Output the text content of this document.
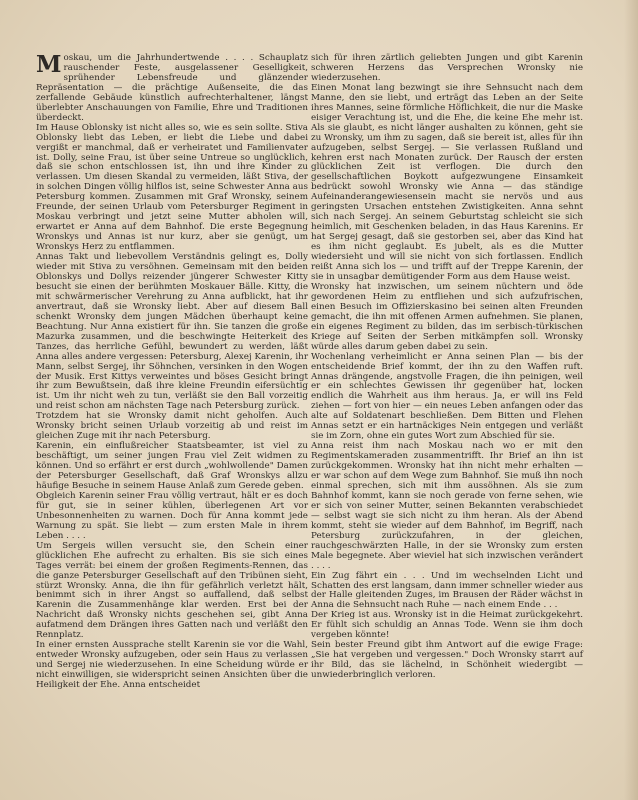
Moskau, um die Jahrhundertwende . . . . Schauplatz rauschender Feste, ausgelassener Geselligkeit, sprühender Lebensfreude und glänzender Repräsentation — die prächtige Außenseite, die das zerfallende Gebäude künstlich aufrechterhaltener, längst überlebter Anschauungen von Familie, Ehre und Traditionen überdeckt.

Im Hause Oblonsky ist nicht alles so, wie es sein sollte. Stiva Oblonsky liebt das Leben, er liebt die Liebe und dabei vergißt er manchmal, daß er verheiratet und Familienvater ist. Dolly, seine Frau, ist über seine Untreue so unglücklich, daß sie schon entschlossen ist, ihn und ihre Kinder zu verlassen. Um diesen Skandal zu vermeiden, läßt Stiva, der in solchen Dingen völlig hilflos ist, seine Schwester Anna aus Petersburg kommen. Zusammen mit Graf Wronsky, seinem Freunde, der seinen Urlaub vom Petersburger Regiment in Moskau verbringt und jetzt seine Mutter abholen will, erwartet er Anna auf dem Bahnhof. Die erste Begegnung Wronskys und Annas ist nur kurz, aber sie genügt, um Wronskys Herz zu entflammen.

Annas Takt und liebevollem Verständnis gelingt es, Dolly wieder mit Stiva zu versöhnen. Gemeinsam mit den beiden Oblonskys und Dollys reizender jüngerer Schwester Kitty besucht sie einen der berühmten Moskauer Bälle. Kitty, die mit schwärmerischer Verehrung zu Anna aufblickt, hat ihr anvertraut, daß sie Wronsky liebt. Aber auf diesem Ball schenkt Wronsky dem jungen Mädchen überhaupt keine Beachtung. Nur Anna existiert für ihn. Sie tanzen die große Mazurka zusammen, und die beschwingte Heiterkeit des Tanzes, das herrliche Gefühl, bewundert zu werden, läßt Anna alles andere vergessen: Petersburg, Alexej Karenin, ihr Mann, selbst Sergej, ihr Söhnchen, versinken in den Wogen der Musik. Erst Kittys verweintes und böses Gesicht bringt ihr zum Bewußtsein, daß ihre kleine Freundin eifersüchtig ist. Um ihr nicht weh zu tun, verläßt sie den Ball vorzeitig und reist schon am nächsten Tage nach Petersburg zurück.

Trotzdem hat sie Wronsky damit nicht geholfen. Auch Wronsky bricht seinen Urlaub vorzeitig ab und reist im gleichen Zuge mit ihr nach Petersburg.

Karenin, ein einflußreicher Staatsbeamter, ist viel zu beschäftigt, um seiner jungen Frau viel Zeit widmen zu können. Und so erfährt er erst durch „wohlwollende" Damen der Petersburger Gesellschaft, daß Graf Wronskys allzu häufige Besuche in seinem Hause Anlaß zum Gerede geben.

Obgleich Karenin seiner Frau völlig vertraut, hält er es doch für gut, sie in seiner kühlen, überlegenen Art vor Unbesonnenheiten zu warnen. Doch für Anna kommt jede Warnung zu spät. Sie liebt — zum ersten Male in ihrem Leben . . . .

Um Sergeis willen versucht sie, den Schein einer glücklichen Ehe aufrecht zu erhalten. Bis sie sich eines Tages verrät: bei einem der großen Regiments-Rennen, das die ganze Petersburger Gesellschaft auf den Tribünen sieht, stürzt Wronsky. Anna, die ihn für gefährlich verletzt hält, benimmt sich in ihrer Angst so auffallend, daß selbst Karenin die Zusammenhänge klar werden. Erst bei der Nachricht daß Wronsky nichts geschehen sei, gibt Anna aufatmend dem Drängen ihres Gatten nach und verläßt den Rennplatz.

In einer ernsten Aussprache stellt Karenin sie vor die Wahl, entweder Wronsky aufzugeben, oder sein Haus zu verlassen und Sergej nie wiederzusehen. In eine Scheidung würde er nicht einwilligen, sie widerspricht seinen Ansichten über die Heiligkeit der Ehe. Anna entscheidet

sich für ihren zärtlich geliebten Jungen und gibt Karenin schweren Herzens das Versprechen Wronsky nie wiederzusehen.

Einen Monat lang bezwingt sie ihre Sehnsucht nach dem Manne, den sie liebt, und erträgt das Leben an der Seite ihres Mannes, seine förmliche Höflichkeit, die nur die Maske eisiger Verachtung ist, und die Ehe, die keine Ehe mehr ist. Als sie glaubt, es nicht länger aushalten zu können, geht sie zu Wronsky, um ihm zu sagen, daß sie bereit ist, alles für ihn aufzugeben, selbst Sergej. — Sie verlassen Rußland und kehren erst nach Monaten zurück. Der Rausch der ersten glücklichen Zeit ist verflogen. Die durch den gesellschaftlichen Boykott aufgezwungene Einsamkeit bedrückt sowohl Wronsky wie Anna — das ständige Aufeinanderangewiesensein macht sie nervös und aus geringsten Ursachen entstehen Zwistigkeiten. Anna sehnt sich nach Sergej. An seinem Geburtstag schleicht sie sich heimlich, mit Geschenken beladen, in das Haus Karenins. Er hat Sergej gesagt, daß sie gestorben sei, aber das Kind hat es ihm nicht geglaubt. Es jubelt, als es die Mutter wiedersieht und will sie nicht von sich fortlassen. Endlich reißt Anna sich los — und trifft auf der Treppe Karenin, der sie in unsagbar demütigender Form aus dem Hause weist.

Wronsky hat inzwischen, um seinem nüchtern und öde gewordenen Heim zu entfliehen und sich aufzufrischen, einen Besuch im Offizierskasino bei seinen alten Freunden gemacht, die ihn mit offenen Armen aufnehmen. Sie planen, ein eigenes Regiment zu bilden, das im serbisch-türkischen Kriege auf Seiten der Serben mitkämpfen soll. Wronsky würde alles darum geben dabei zu sein.

Wochenlang verheimlicht er Anna seinen Plan — bis der entscheidende Brief kommt, der ihn zu den Waffen ruft. Annas drängende, angstvolle Fragen, die ihn peinigen, weil er ein schlechtes Gewissen ihr gegenüber hat, locken endlich die Wahrheit aus ihm heraus. Ja, er will ins Feld ziehen — fort von hier — ein neues Leben anfangen oder das alte auf Soldatenart beschließen. Dem Bitten und Flehen Annas setzt er ein hartnäckiges Nein entgegen und verläßt sie im Zorn, ohne ein gutes Wort zum Abschied für sie.

Anna reist ihm nach Moskau nach wo er mit den Regimentskameraden zusammentrifft. Ihr Brief an ihn ist zurückgekommen. Wronsky hat ihn nicht mehr erhalten — er war schon auf dem Wege zum Bahnhof. Sie muß ihn noch einmal sprechen, sich mit ihm aussöhnen. Als sie zum Bahnhof kommt, kann sie noch gerade von ferne sehen, wie er sich von seiner Mutter, seinen Bekannten verabschiedet — selbst wagt sie sich nicht zu ihm heran. Als der Abend kommt, steht sie wieder auf dem Bahnhof, im Begriff, nach Petersburg zurückzufahren, in der gleichen, rauchgeschwärzten Halle, in der sie Wronsky zum ersten Male begegnete. Aber wieviel hat sich inzwischen verändert . . . .

Ein Zug fährt ein . . . Und im wechselnden Licht und Schatten des erst langsam, dann immer schneller wieder aus der Halle gleitenden Zuges, im Brausen der Räder wächst in Anna die Sehnsucht nach Ruhe — nach einem Ende . . .

Der Krieg ist aus. Wronsky ist in die Heimat zurückgekehrt. Er fühlt sich schuldig an Annas Tode. Wenn sie ihm doch vergeben könnte!

Sein bester Freund gibt ihm Antwort auf die ewige Frage: „Sie hat vergeben und vergessen." Doch Wronsky starrt auf ihr Bild, das sie lächelnd, in Schönheit wiedergibt — unwiederbringlich verloren.
